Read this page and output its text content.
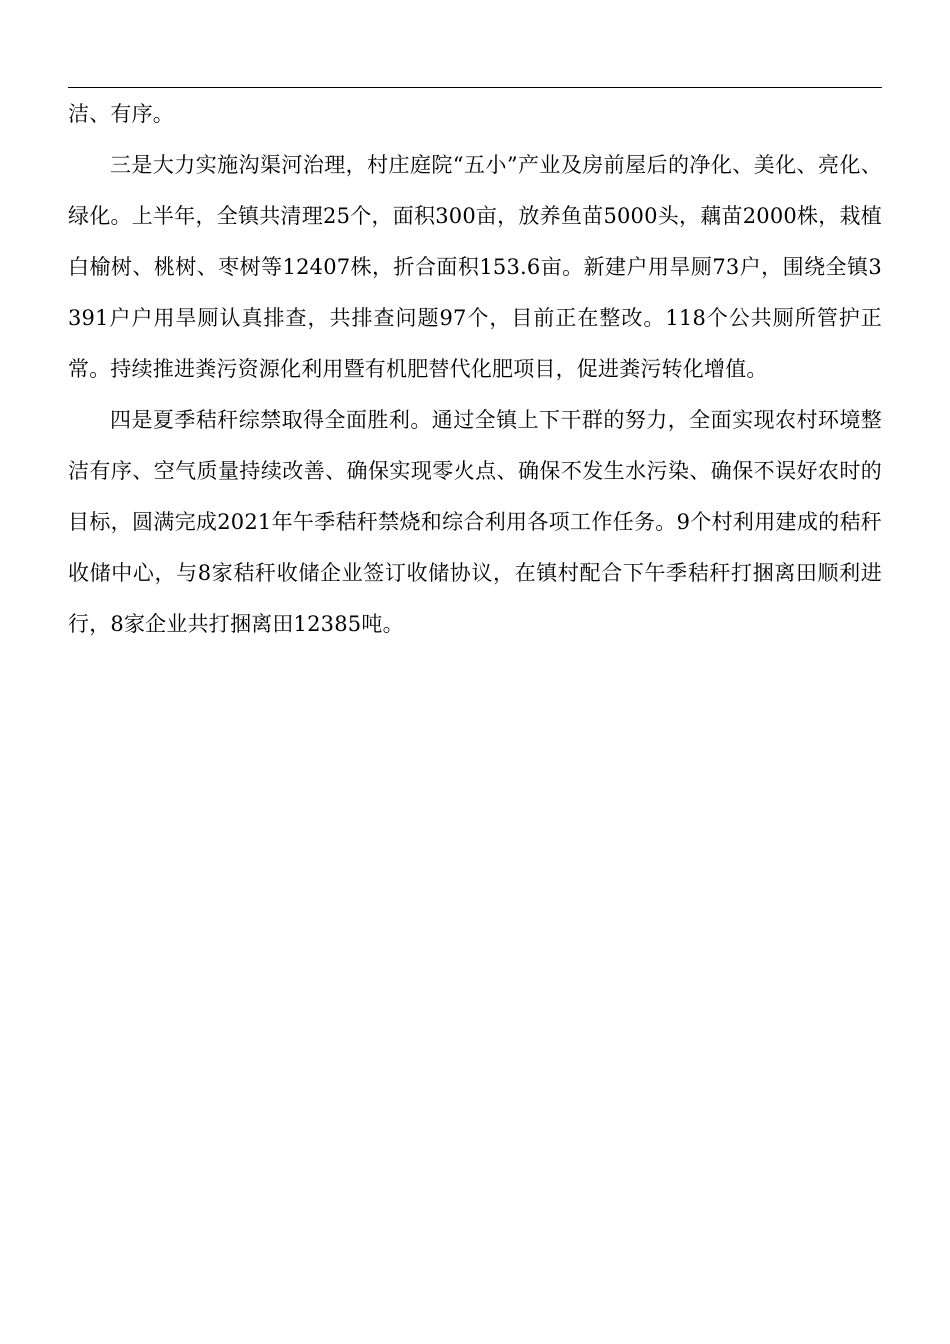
洁、有序。

三是大力实施沟渠河治理，村庄庭院“五小”产业及房前屋后的净化、美化、亮化、绿化。上半年，全镇共清理25个，面积300亩，放养鱼苗5000头，藕苗2000株，栽植白榆树、桃树、枣树等12407株，折合面积153.6亩。新建户用旱厕73户，围绕全镇3391户户用旱厕认真排查，共排查问题97个，目前正在整改。118个公共厕所管护正常。持续推进粪污资源化利用暨有机肥替代化肥项目，促进粪污转化增值。

四是夏季秸秆综禁取得全面胜利。通过全镇上下干群的努力，全面实现农村环境整洁有序、空气质量持续改善、确保实现零火点、确保不发生水污染、确保不误好农时的目标，圆满完成2021年午季秸秆禁烧和综合利用各项工作任务。9个村利用建成的秸秆收储中心，与8家秸秆收储企业签订收储协议，在镇村配合下午季秸秆打捆离田顺利进行，8家企业共打捆离田12385吨。
